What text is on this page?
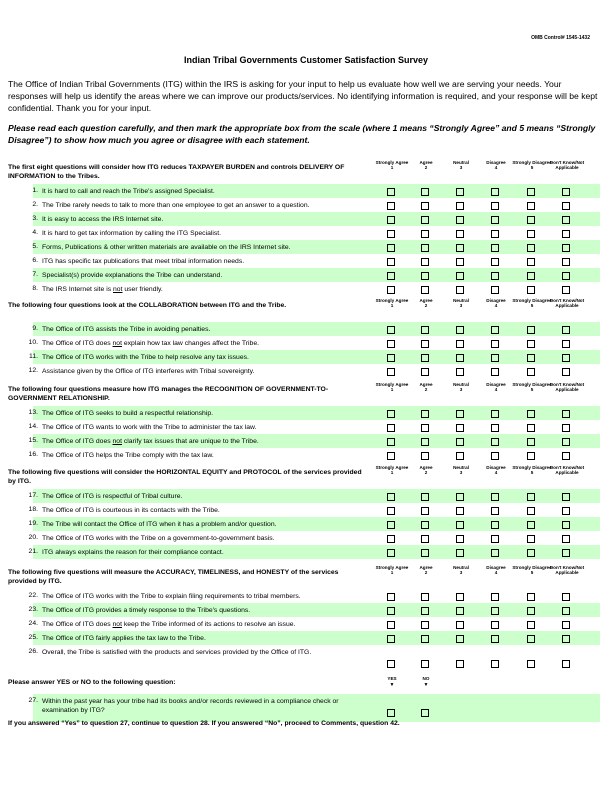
OMB Control# 1545-1432
Indian Tribal Governments Customer Satisfaction Survey
The Office of Indian Tribal Governments (ITG) within the IRS is asking for your input to help us evaluate how well we are serving your needs. Your responses will help us identify the areas where we can improve our products/services. No identifying information is required, and your response will be kept confidential. Thank you for your input.
Please read each question carefully, and then mark the appropriate box from the scale (where 1 means “Strongly Agree” and 5 means “Strongly Disagree”) to show how much you agree or disagree with each statement.
The first eight questions will consider how ITG reduces TAXPAYER BURDEN and controls DELIVERY OF INFORMATION to the Tribes.
Strongly Agree
1
Agree
2
Neutral
3
Disagree
4
Strongly Disagree
5
Don't Know/Not Applicable
1. It is hard to call and reach the Tribe's assigned Specialist.
2. The Tribe rarely needs to talk to more than one employee to get an answer to a question.
3. It is easy to access the IRS Internet site.
4. It is hard to get tax information by calling the ITG Specialist.
5. Forms, Publications & other written materials are available on the IRS Internet site.
6. ITG has specific tax publications that meet tribal information needs.
7. Specialist(s) provide explanations the Tribe can understand.
8. The IRS Internet site is not user friendly.
The following four questions look at the COLLABORATION between ITG and the Tribe.
Strongly Agree
1
Agree
2
Neutral
3
Disagree
4
Strongly Disagree
5
Don't Know/Not Applicable
9. The Office of ITG assists the Tribe in avoiding penalties.
10. The Office of ITG does not explain how tax law changes affect the Tribe.
11. The Office of ITG works with the Tribe to help resolve any tax issues.
12. Assistance given by the Office of ITG interferes with Tribal sovereignty.
The following four questions measure how ITG manages the RECOGNITION OF GOVERNMENT-TO-GOVERNMENT RELATIONSHIP.
Strongly Agree
1
Agree
2
Neutral
3
Disagree
4
Strongly Disagree
5
Don't Know/Not Applicable
13. The Office of ITG seeks to build a respectful relationship.
14. The Office of ITG wants to work with the Tribe to administer the tax law.
15. The Office of ITG does not clarify tax issues that are unique to the Tribe.
16. The Office of ITG helps the Tribe comply with the tax law.
The following five questions will consider the HORIZONTAL EQUITY and PROTOCOL of the services provided by ITG.
Strongly Agree
1
Agree
2
Neutral
3
Disagree
4
Strongly Disagree
5
Don't Know/Not Applicable
17. The Office of ITG is respectful of Tribal culture.
18. The Office of ITG is courteous in its contacts with the Tribe.
19. The Tribe will contact the Office of ITG when it has a problem and/or question.
20. The Office of ITG works with the Tribe on a government-to-government basis.
21. ITG always explains the reason for their compliance contact.
The following five questions will measure the ACCURACY, TIMELINESS, and HONESTY of the services provided by ITG.
Strongly Agree
1
Agree
2
Neutral
3
Disagree
4
Strongly Disagree
5
Don't Know/Not Applicable
22. The Office of ITG works with the Tribe to explain filing requirements to tribal members.
23. The Office of ITG provides a timely response to the Tribe's questions.
24. The Office of ITG does not keep the Tribe informed of its actions to resolve an issue.
25. The Office of ITG fairly applies the tax law to the Tribe.
26. Overall, the Tribe is satisfied with the products and services provided by the Office of ITG.
Please answer YES or NO to the following question:
YES
▼
NO
▼
27. Within the past year has your tribe had its books and/or records reviewed in a compliance check or examination by ITG?
If you answered “Yes” to question 27, continue to question 28. If you answered “No”, proceed to Comments, question 42.
